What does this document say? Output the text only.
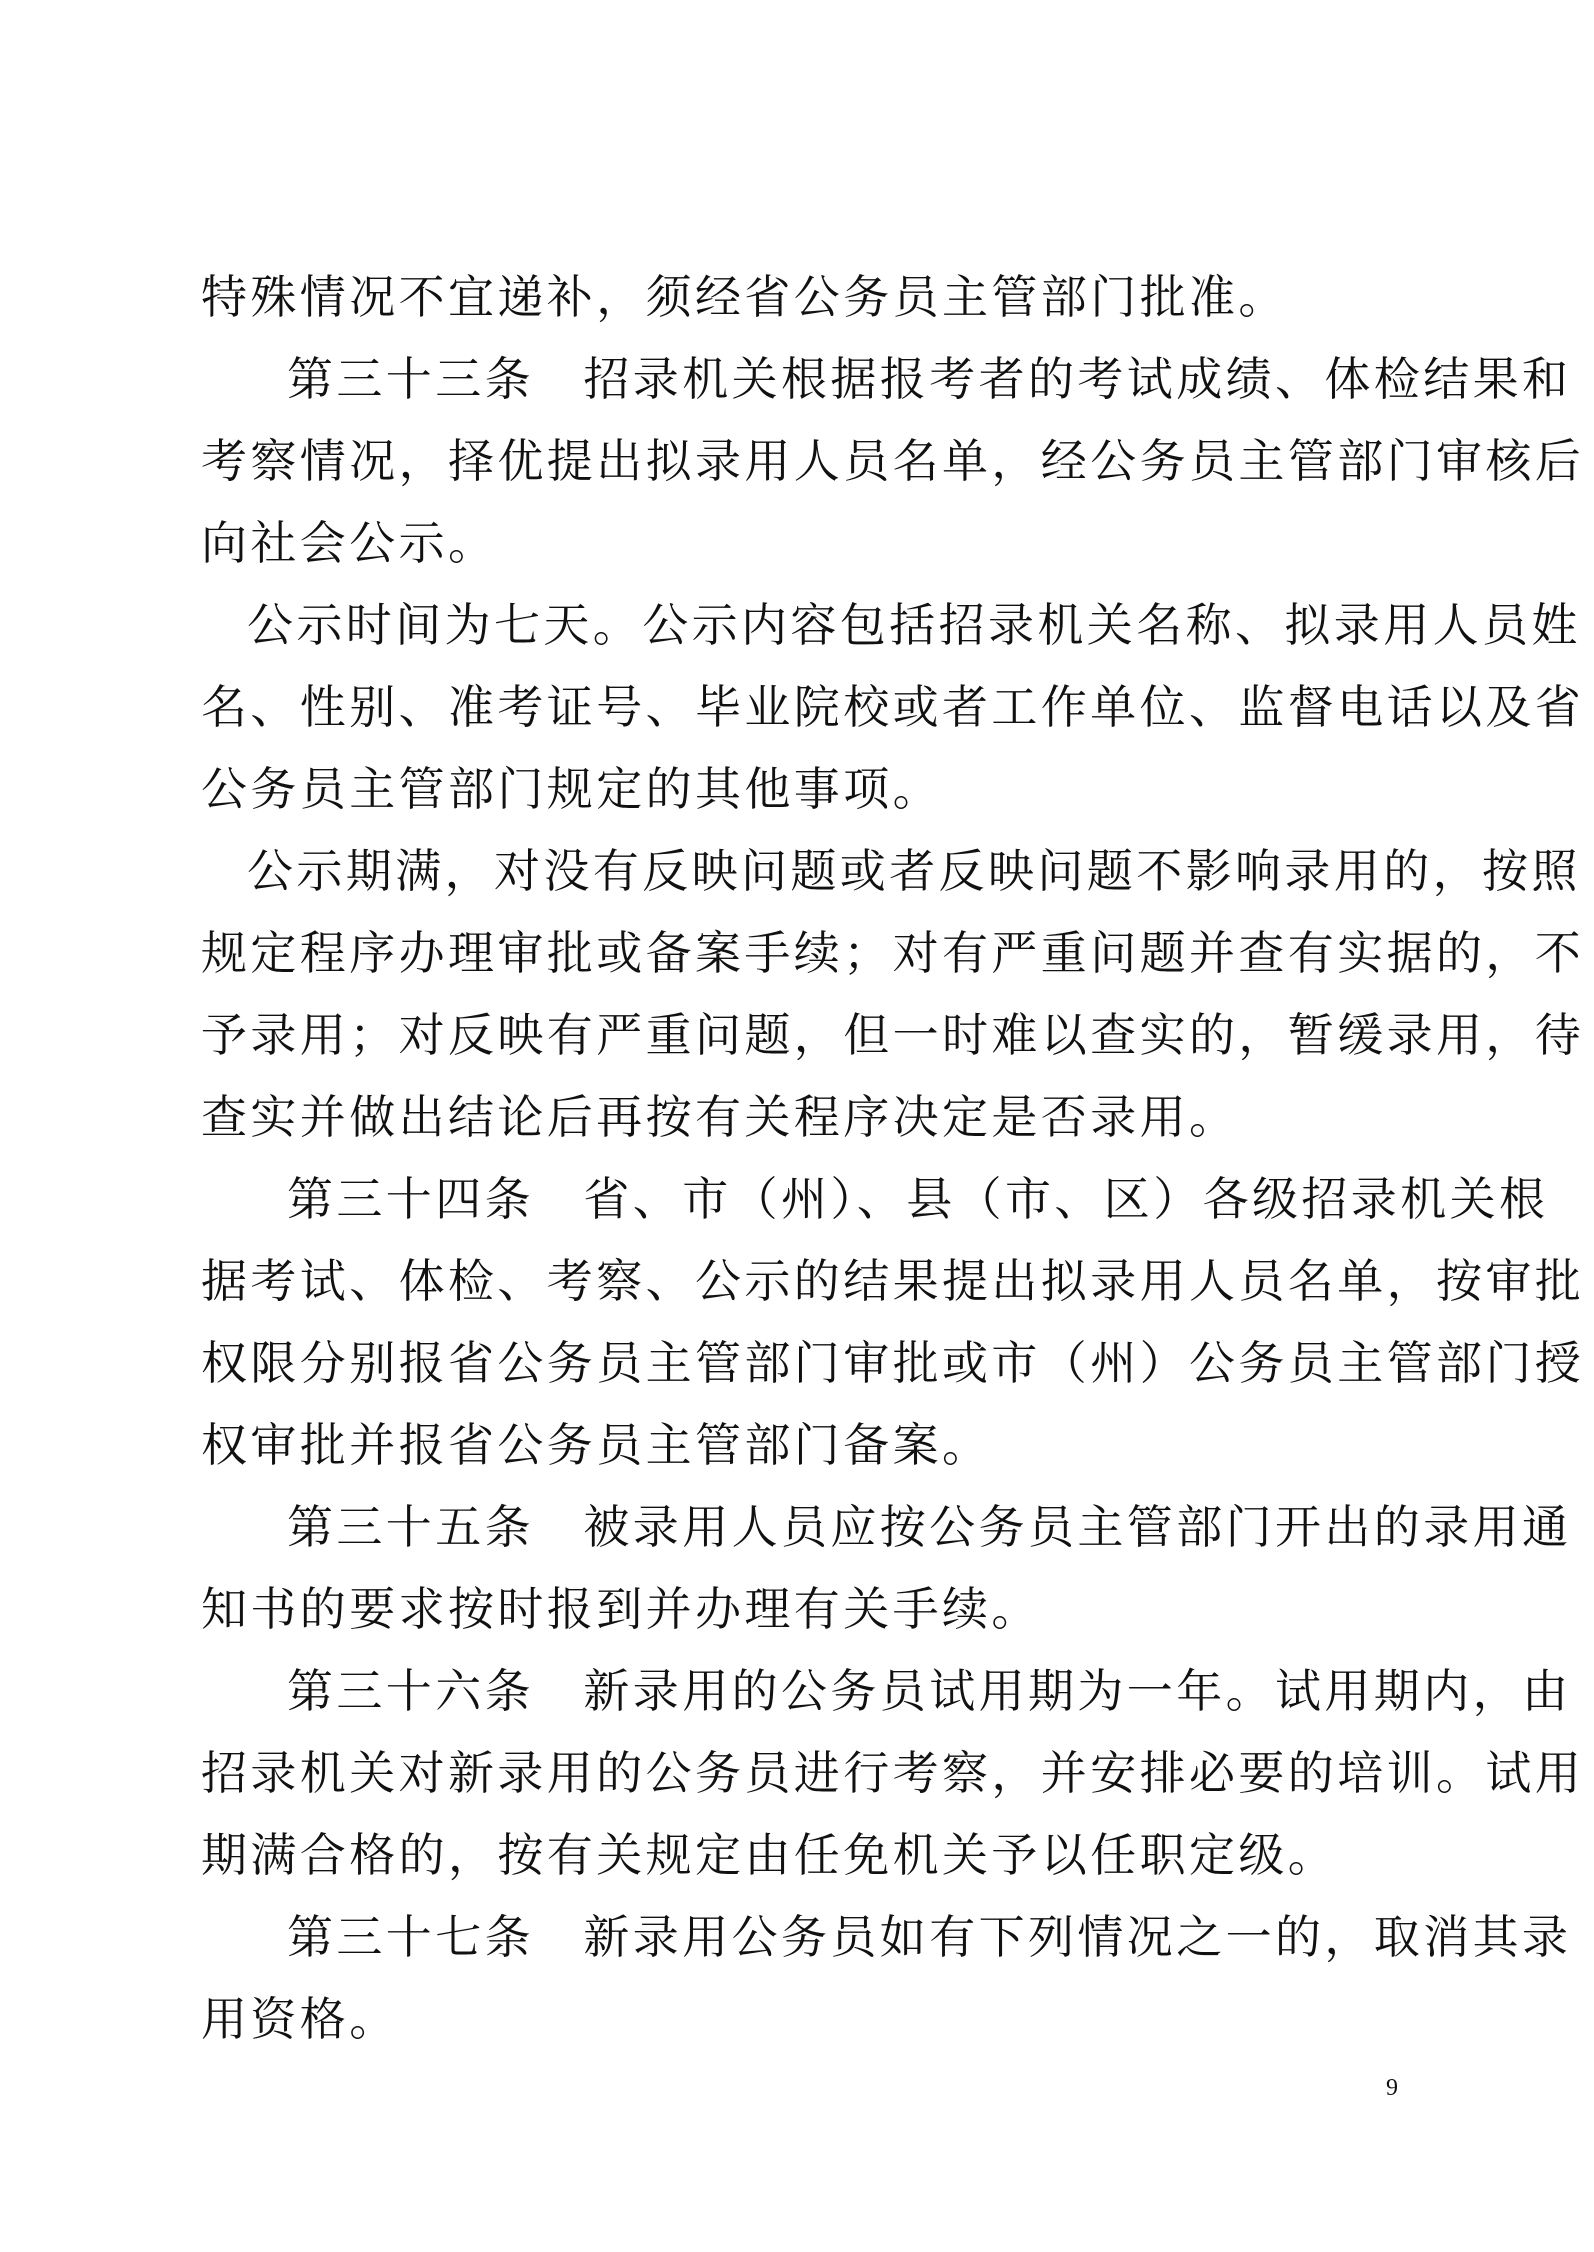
特殊情况不宜递补，须经省公务员主管部门批准。
第三十三条　招录机关根据报考者的考试成绩、体检结果和
考察情况，择优提出拟录用人员名单，经公务员主管部门审核后
向社会公示。
公示时间为七天。公示内容包括招录机关名称、拟录用人员姓
名、性别、准考证号、毕业院校或者工作单位、监督电话以及省
公务员主管部门规定的其他事项。
公示期满，对没有反映问题或者反映问题不影响录用的，按照
规定程序办理审批或备案手续；对有严重问题并查有实据的，不
予录用；对反映有严重问题，但一时难以查实的，暂缓录用，待
查实并做出结论后再按有关程序决定是否录用。
第三十四条　省、市（州）、县（市、区）各级招录机关根
据考试、体检、考察、公示的结果提出拟录用人员名单，按审批
权限分别报省公务员主管部门审批或市（州）公务员主管部门授
权审批并报省公务员主管部门备案。
第三十五条　被录用人员应按公务员主管部门开出的录用通
知书的要求按时报到并办理有关手续。
第三十六条　新录用的公务员试用期为一年。试用期内，由
招录机关对新录用的公务员进行考察，并安排必要的培训。试用
期满合格的，按有关规定由任免机关予以任职定级。
第三十七条　新录用公务员如有下列情况之一的，取消其录
用资格。
9
